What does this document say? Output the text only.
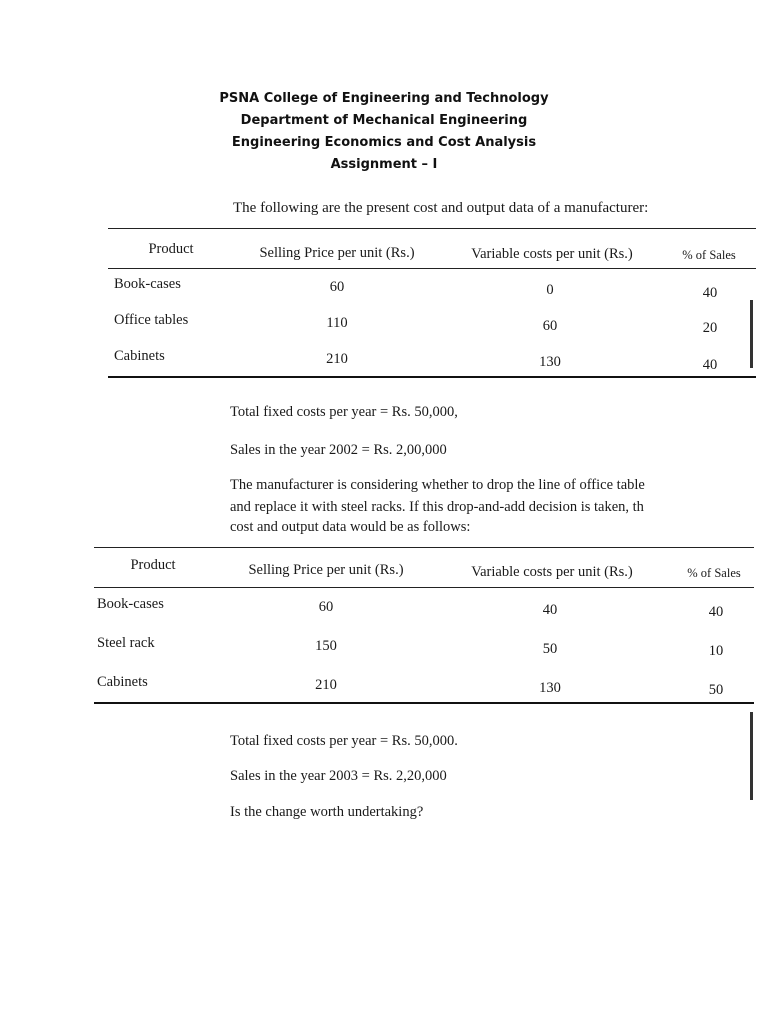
PSNA College of Engineering and Technology
Department of Mechanical Engineering
Engineering Economics and Cost Analysis
Assignment – I
The following are the present cost and output data of a manufacturer:
Product	Selling Price per unit (Rs.)	Variable costs per unit (Rs.)	% of Sales
Book-cases	60	0	40
Office tables	110	60	20
Cabinets	210	130	40
Total fixed costs per year = Rs. 50,000,
Sales in the year 2002 = Rs. 2,00,000
The manufacturer is considering whether to drop the line of office table
and replace it with steel racks. If this drop-and-add decision is taken, th
cost and output data would be as follows:
Product	Selling Price per unit (Rs.)	Variable costs per unit (Rs.)	% of Sales
Book-cases	60	40	40
Steel rack	150	50	10
Cabinets	210	130	50
Total fixed costs per year = Rs. 50,000.
Sales in the year 2003 = Rs. 2,20,000
Is the change worth undertaking?
